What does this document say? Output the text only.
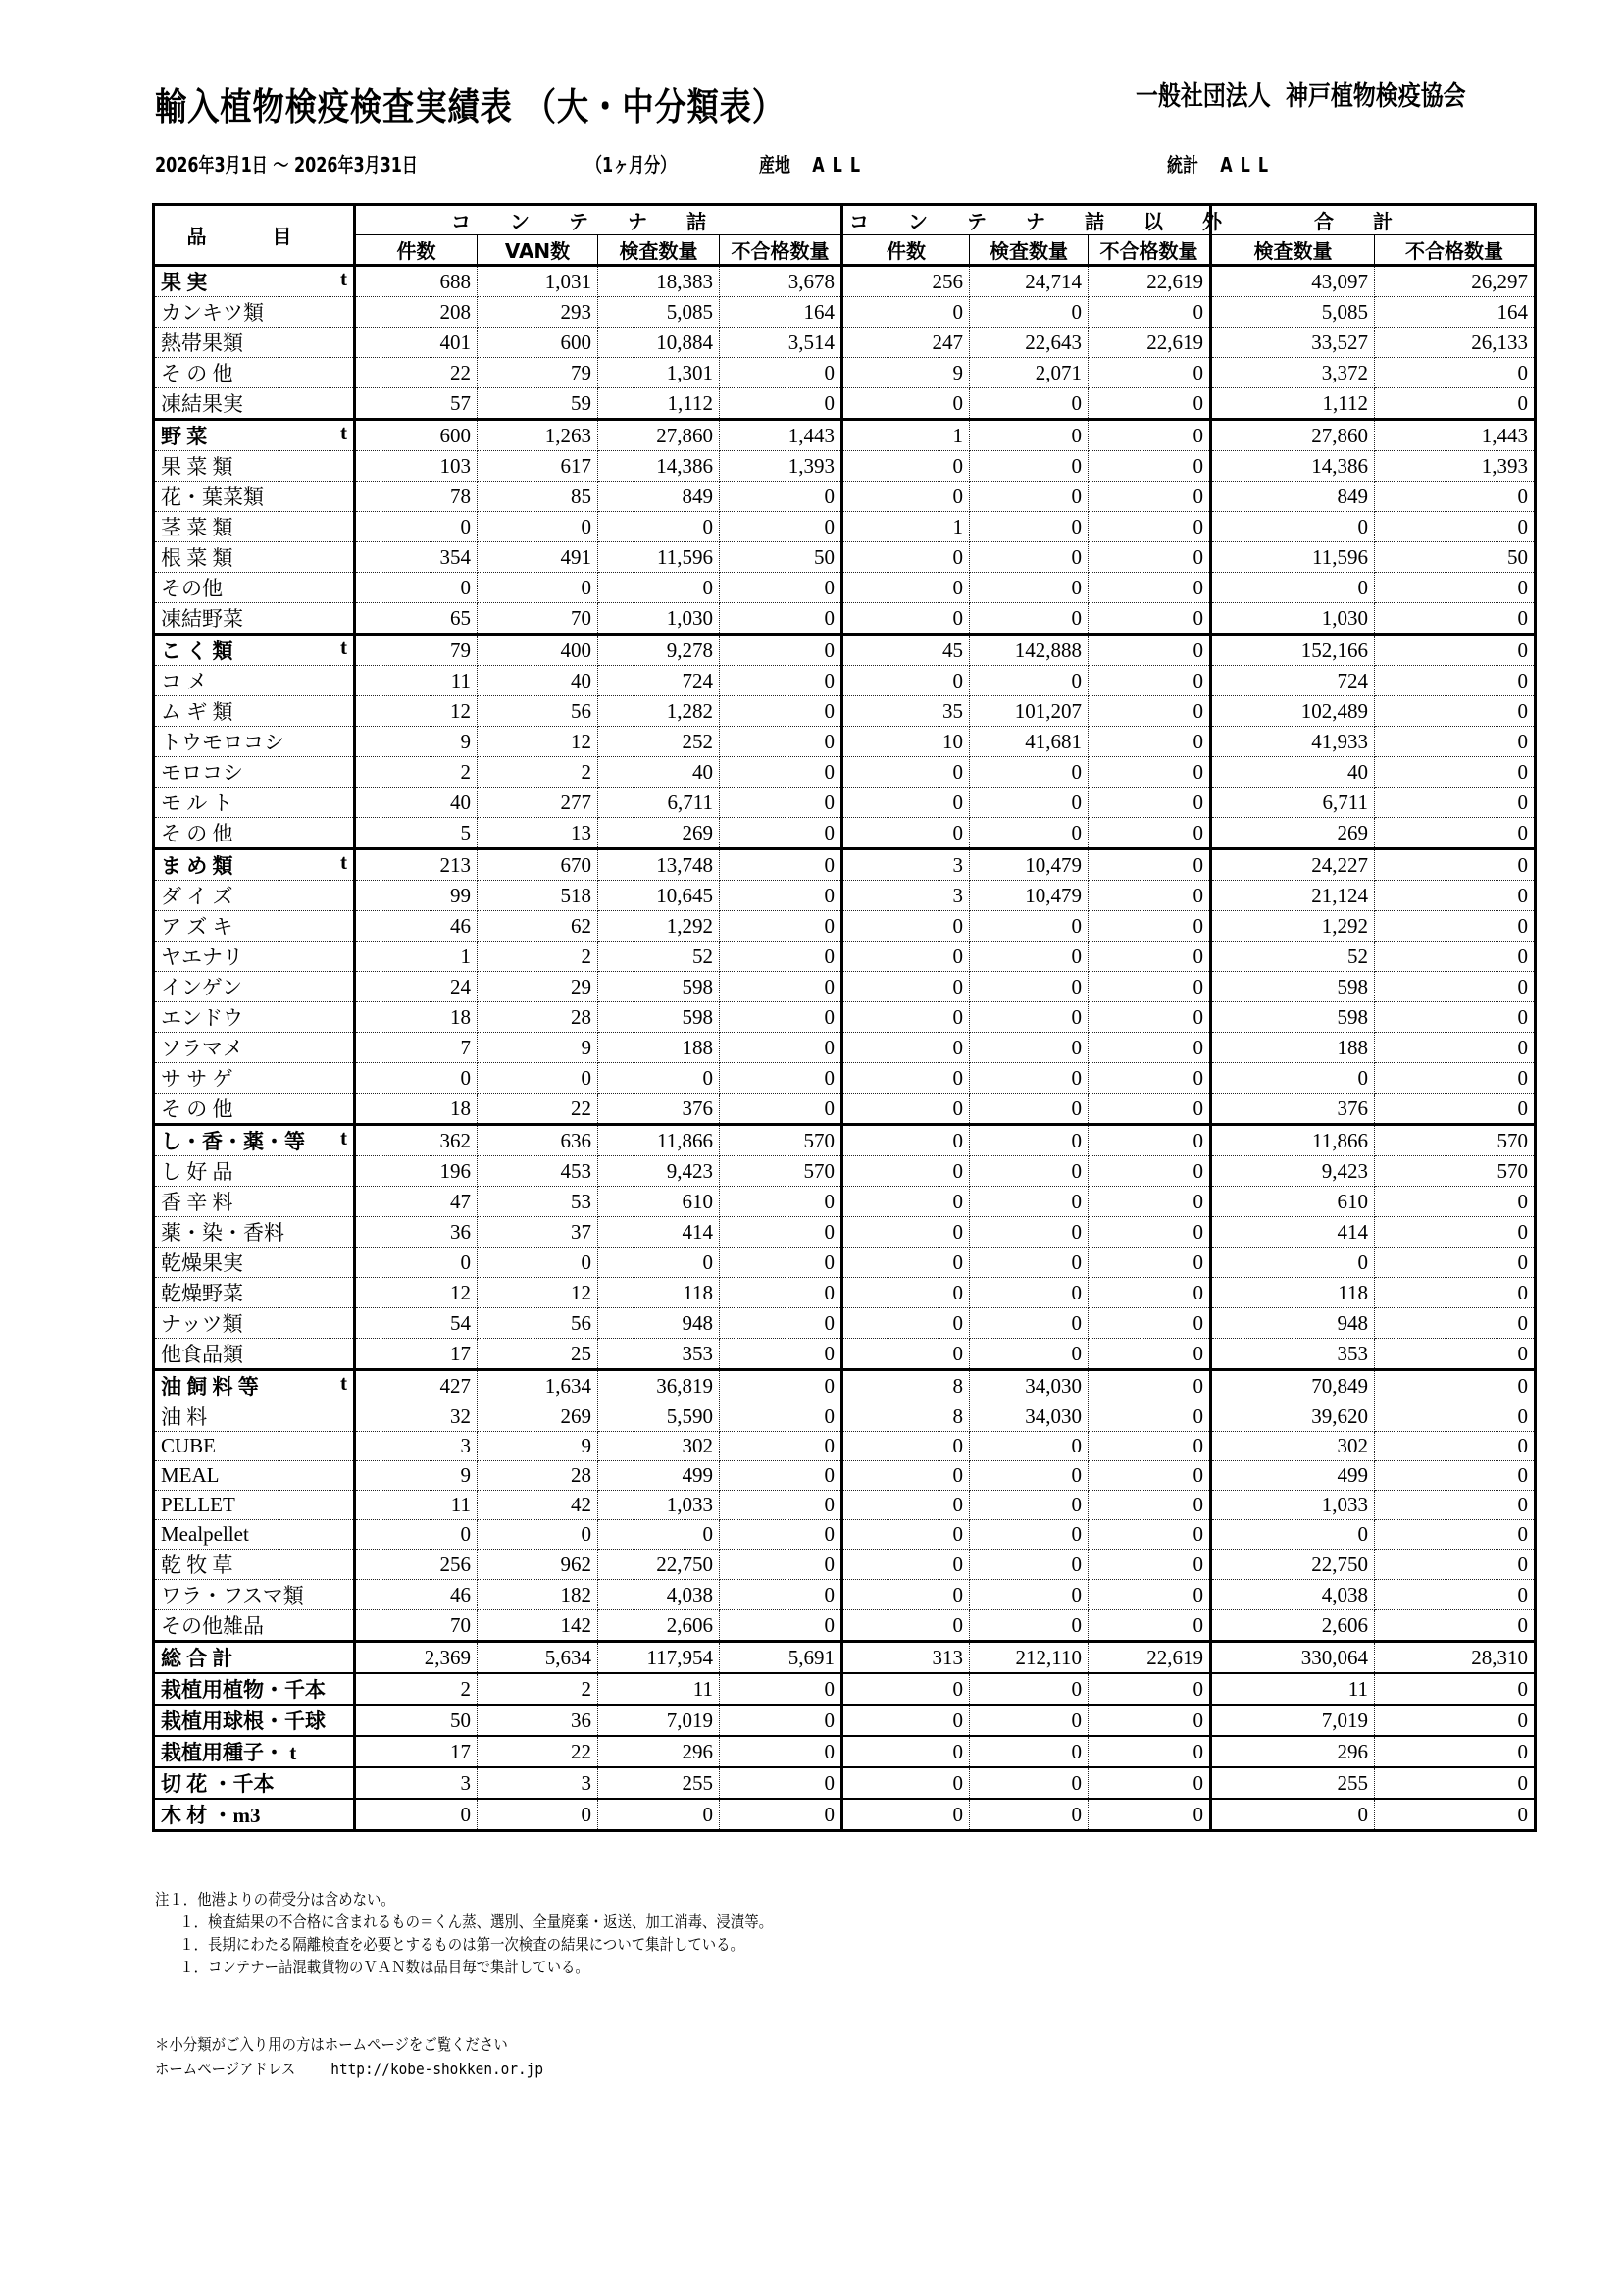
輸入植物検疫検査実績表 （大・中分類表）	一般社団法人 神戸植物検疫協会
2026年3月1日 ～ 2026年3月31日	（1ヶ月分）	産地 ALL	統計 ALL
品 目	コンテナ詰				コンテナ詰以外			合計	
	件数	VAN数	検査数量	不合格数量	件数	検査数量	不合格数量	検査数量	不合格数量
果 実 t	688	1,031	18,383	3,678	256	24,714	22,619	43,097	26,297
カンキツ類	208	293	5,085	164	0	0	0	5,085	164
熱帯果類	401	600	10,884	3,514	247	22,643	22,619	33,527	26,133
そ の 他	22	79	1,301	0	9	2,071	0	3,372	0
凍結果実	57	59	1,112	0	0	0	0	1,112	0
野 菜 t	600	1,263	27,860	1,443	1	0	0	27,860	1,443
果 菜 類	103	617	14,386	1,393	0	0	0	14,386	1,393
花・葉菜類	78	85	849	0	0	0	0	849	0
茎 菜 類	0	0	0	0	1	0	0	0	0
根 菜 類	354	491	11,596	50	0	0	0	11,596	50
その他	0	0	0	0	0	0	0	0	0
凍結野菜	65	70	1,030	0	0	0	0	1,030	0
こ く 類 t	79	400	9,278	0	45	142,888	0	152,166	0
コ メ	11	40	724	0	0	0	0	724	0
ム ギ 類	12	56	1,282	0	35	101,207	0	102,489	0
トウモロコシ	9	12	252	0	10	41,681	0	41,933	0
モロコシ	2	2	40	0	0	0	0	40	0
モ ル ト	40	277	6,711	0	0	0	0	6,711	0
そ の 他	5	13	269	0	0	0	0	269	0
ま め 類 t	213	670	13,748	0	3	10,479	0	24,227	0
ダ イ ズ	99	518	10,645	0	3	10,479	0	21,124	0
ア ズ キ	46	62	1,292	0	0	0	0	1,292	0
ヤエナリ	1	2	52	0	0	0	0	52	0
インゲン	24	29	598	0	0	0	0	598	0
エンドウ	18	28	598	0	0	0	0	598	0
ソラマメ	7	9	188	0	0	0	0	188	0
サ サ ゲ	0	0	0	0	0	0	0	0	0
そ の 他	18	22	376	0	0	0	0	376	0
し・香・薬・等 t	362	636	11,866	570	0	0	0	11,866	570
し 好 品	196	453	9,423	570	0	0	0	9,423	570
香 辛 料	47	53	610	0	0	0	0	610	0
薬・染・香料	36	37	414	0	0	0	0	414	0
乾燥果実	0	0	0	0	0	0	0	0	0
乾燥野菜	12	12	118	0	0	0	0	118	0
ナッツ類	54	56	948	0	0	0	0	948	0
他食品類	17	25	353	0	0	0	0	353	0
油 飼 料 等 t	427	1,634	36,819	0	8	34,030	0	70,849	0
油 料	32	269	5,590	0	8	34,030	0	39,620	0
CUBE	3	9	302	0	0	0	0	302	0
MEAL	9	28	499	0	0	0	0	499	0
PELLET	11	42	1,033	0	0	0	0	1,033	0
Mealpellet	0	0	0	0	0	0	0	0	0
乾 牧 草	256	962	22,750	0	0	0	0	22,750	0
ワラ・フスマ類	46	182	4,038	0	0	0	0	4,038	0
その他雑品	70	142	2,606	0	0	0	0	2,606	0
総 合 計	2,369	5,634	117,954	5,691	313	212,110	22,619	330,064	28,310
栽植用植物・千本	2	2	11	0	0	0	0	11	0
栽植用球根・千球	50	36	7,019	0	0	0	0	7,019	0
栽植用種子・ t	17	22	296	0	0	0	0	296	0
切 花 ・千本	3	3	255	0	0	0	0	255	0
木 材 ・m3	0	0	0	0	0	0	0	0	0
注１．他港よりの荷受分は含めない。
１．検査結果の不合格に含まれるもの＝くん蒸、選別、全量廃棄・返送、加工消毒、浸漬等。
１．長期にわたる隔離検査を必要とするものは第一次検査の結果について集計している。
１．コンテナー詰混載貨物のＶＡＮ数は品目毎で集計している。
＊小分類がご入り用の方はホームページをご覧ください
ホームページアドレス http://kobe-shokken.or.jp
